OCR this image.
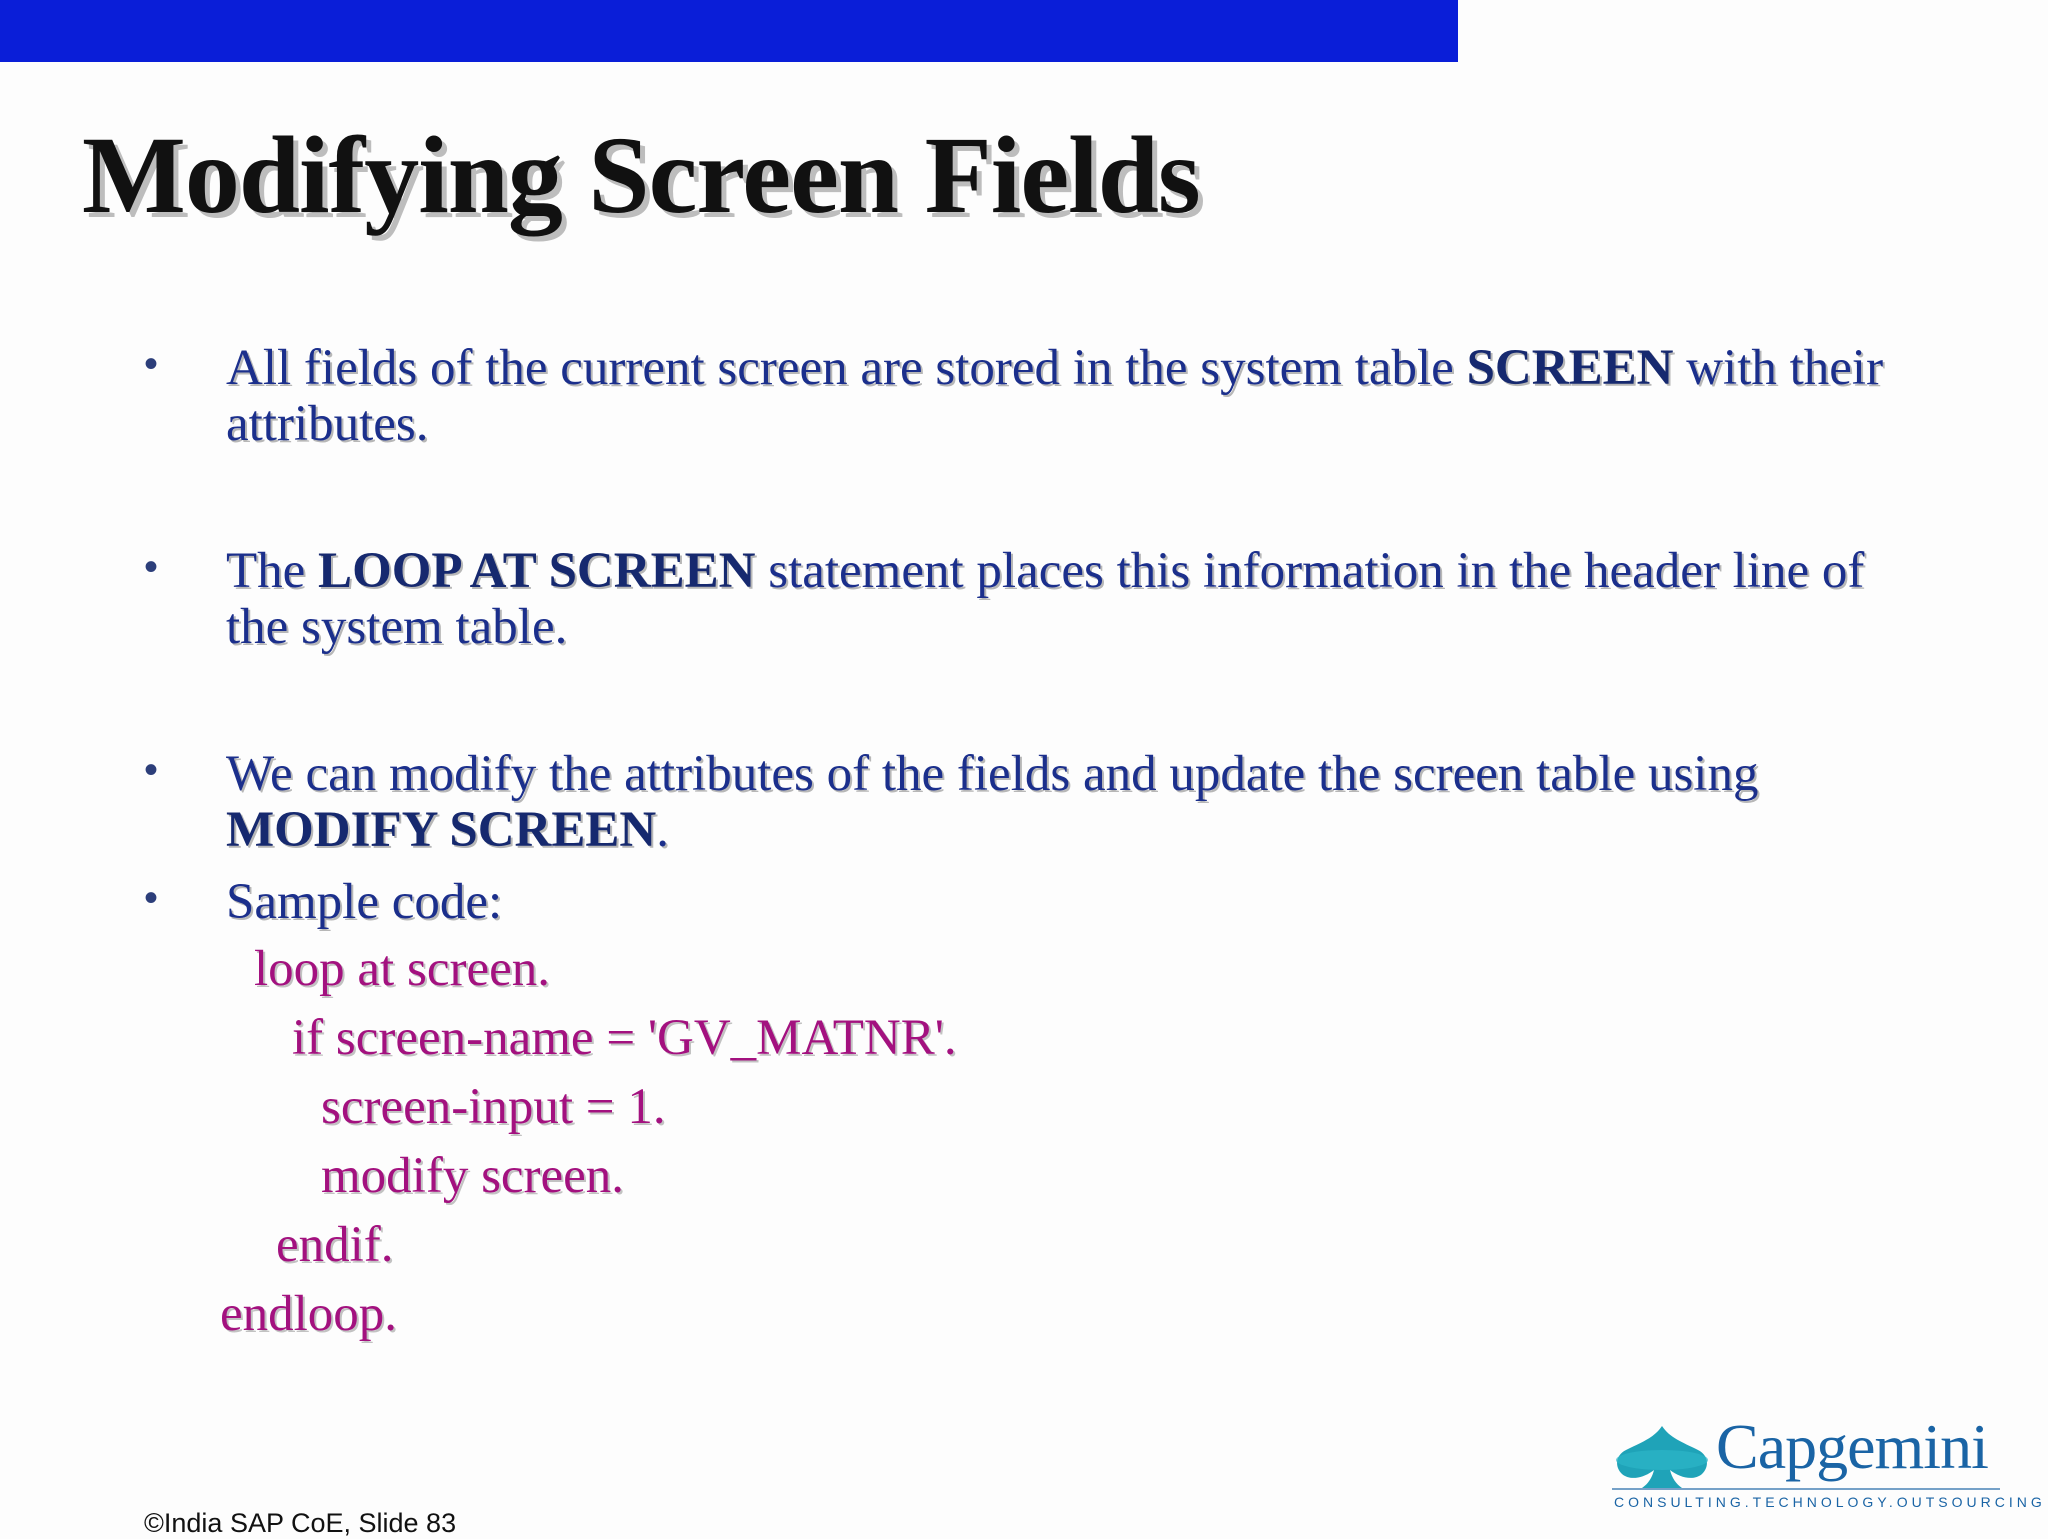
Modifying Screen Fields
• All fields of the current screen are stored in the system table SCREEN with their attributes.
• The LOOP AT SCREEN statement places this information in the header line of the system table.
• We can modify the attributes of the fields and update the screen table using MODIFY SCREEN.
• Sample code:
loop at screen.
if screen-name = 'GV_MATNR'.
screen-input = 1.
modify screen.
endif.
endloop.
©India SAP CoE, Slide 83
Capgemini
CONSULTING.TECHNOLOGY.OUTSOURCING
